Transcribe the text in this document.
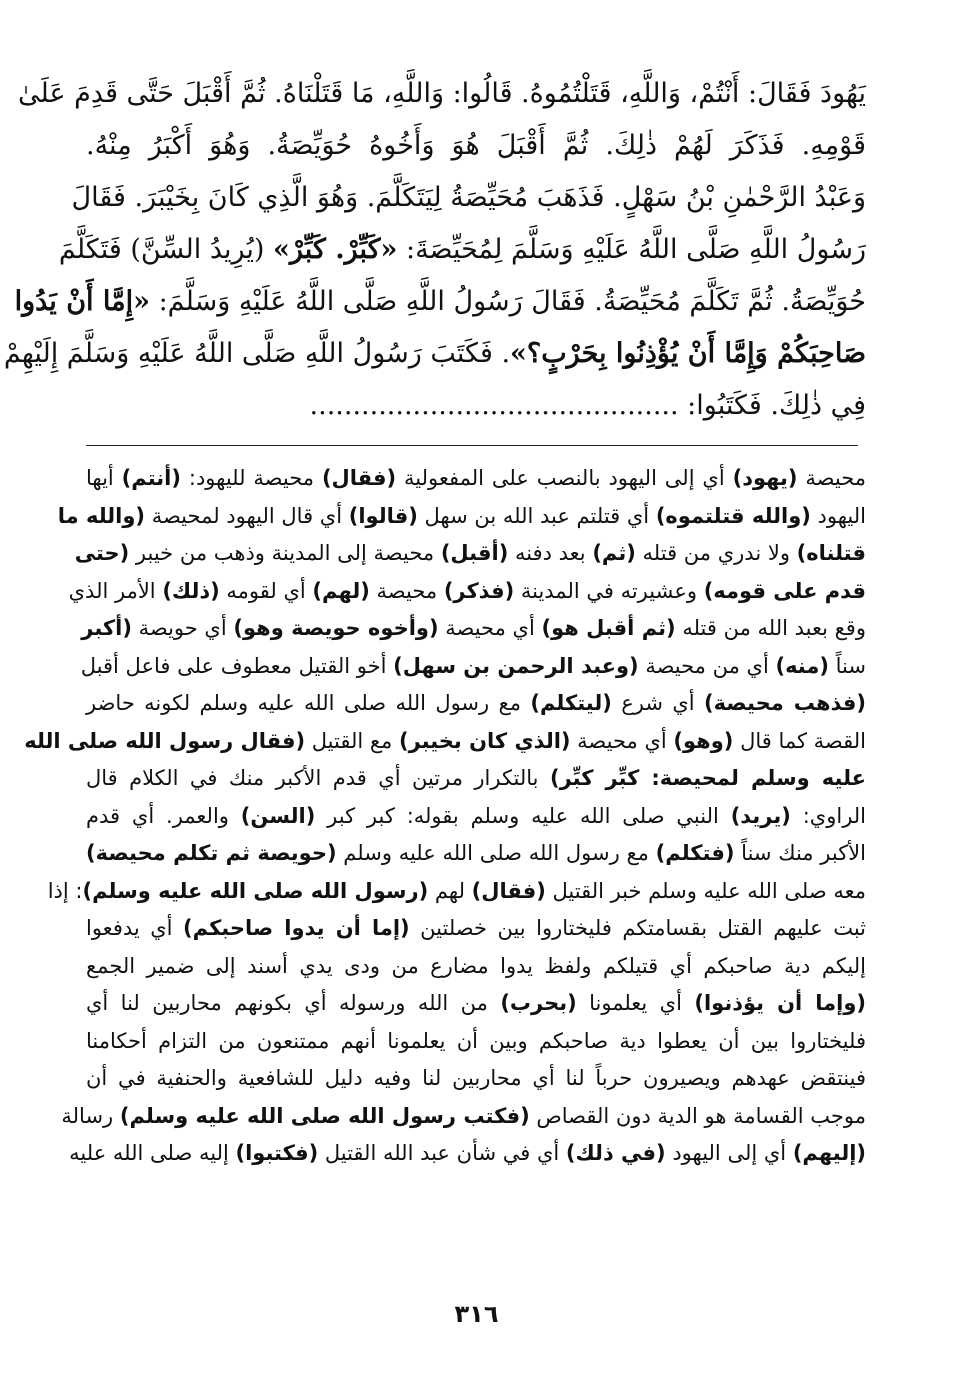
يَهُودَ فَقَالَ: أَنْتُمْ، وَاللَّهِ، قَتَلْتُمُوهُ. قَالُوا: وَاللَّهِ، مَا قَتَلْنَاهُ. ثُمَّ أَقْبَلَ حَتَّى قَدِمَ عَلَىٰ
قَوْمِهِ. فَذَكَرَ لَهُمْ ذٰلِكَ. ثُمَّ أَقْبَلَ هُوَ وَأَخُوهُ حُوَيِّصَةُ. وَهُوَ أَكْبَرُ مِنْهُ.
وَعَبْدُ الرَّحْمٰنِ بْنُ سَهْلٍ. فَذَهَبَ مُحَيِّصَةُ لِيَتَكَلَّمَ. وَهُوَ الَّذِي كَانَ بِخَيْبَرَ. فَقَالَ
رَسُولُ اللَّهِ صَلَّى اللَّهُ عَلَيْهِ وَسَلَّمَ لِمُحَيِّصَةَ: «كَبِّرْ. كَبِّرْ» (يُرِيدُ السِّنَّ) فَتَكَلَّمَ
حُوَيِّصَةُ. ثُمَّ تَكَلَّمَ مُحَيِّصَةُ. فَقَالَ رَسُولُ اللَّهِ صَلَّى اللَّهُ عَلَيْهِ وَسَلَّمَ: «إِمَّا أَنْ يَدُوا
صَاحِبَكُمْ وَإِمَّا أَنْ يُؤْذِنُوا بِحَرْبٍ؟». فَكَتَبَ رَسُولُ اللَّهِ صَلَّى اللَّهُ عَلَيْهِ وَسَلَّمَ إِلَيْهِمْ
فِي ذٰلِكَ. فَكَتَبُوا: ...........................................
محيصة (يهود) أي إلى اليهود بالنصب على المفعولية (فقال) محيصة لليهود: (أنتم) أيها
اليهود (والله قتلتموه) أي قتلتم عبد الله بن سهل (قالوا) أي قال اليهود لمحيصة (والله ما
قتلناه) ولا ندري من قتله (ثم) بعد دفنه (أقبل) محيصة إلى المدينة وذهب من خيبر (حتى
قدم على قومه) وعشيرته في المدينة (فذكر) محيصة (لهم) أي لقومه (ذلك) الأمر الذي
وقع بعبد الله من قتله (ثم أقبل هو) أي محيصة (وأخوه حويصة وهو) أي حويصة (أكبر
سناً (منه) أي من محيصة (وعبد الرحمن بن سهل) أخو القتيل معطوف على فاعل أقبل
(فذهب محيصة) أي شرع (ليتكلم) مع رسول الله صلى الله عليه وسلم لكونه حاضر
القصة كما قال (وهو) أي محيصة (الذي كان بخيبر) مع القتيل (فقال رسول الله صلى الله
عليه وسلم لمحيصة: كبِّر كبِّر) بالتكرار مرتين أي قدم الأكبر منك في الكلام قال
الراوي: (يريد) النبي صلى الله عليه وسلم بقوله: كبر كبر (السن) والعمر. أي قدم
الأكبر منك سناً (فتكلم) مع رسول الله صلى الله عليه وسلم (حويصة ثم تكلم محيصة)
معه صلى الله عليه وسلم خبر القتيل (فقال) لهم (رسول الله صلى الله عليه وسلم): إذا
ثبت عليهم القتل بقسامتكم فليختاروا بين خصلتين (إما أن يدوا صاحبكم) أي يدفعوا
إليكم دية صاحبكم أي قتيلكم ولفظ يدوا مضارع من ودى يدي أسند إلى ضمير الجمع
(وإما أن يؤذنوا) أي يعلمونا (بحرب) من الله ورسوله أي بكونهم محاربين لنا أي
فليختاروا بين أن يعطوا دية صاحبكم وبين أن يعلمونا أنهم ممتنعون من التزام أحكامنا
فينتقض عهدهم ويصيرون حرباً لنا أي محاربين لنا وفيه دليل للشافعية والحنفية في أن
موجب القسامة هو الدية دون القصاص (فكتب رسول الله صلى الله عليه وسلم) رسالة
(إليهم) أي إلى اليهود (في ذلك) أي في شأن عبد الله القتيل (فكتبوا) إليه صلى الله عليه
٣١٦
